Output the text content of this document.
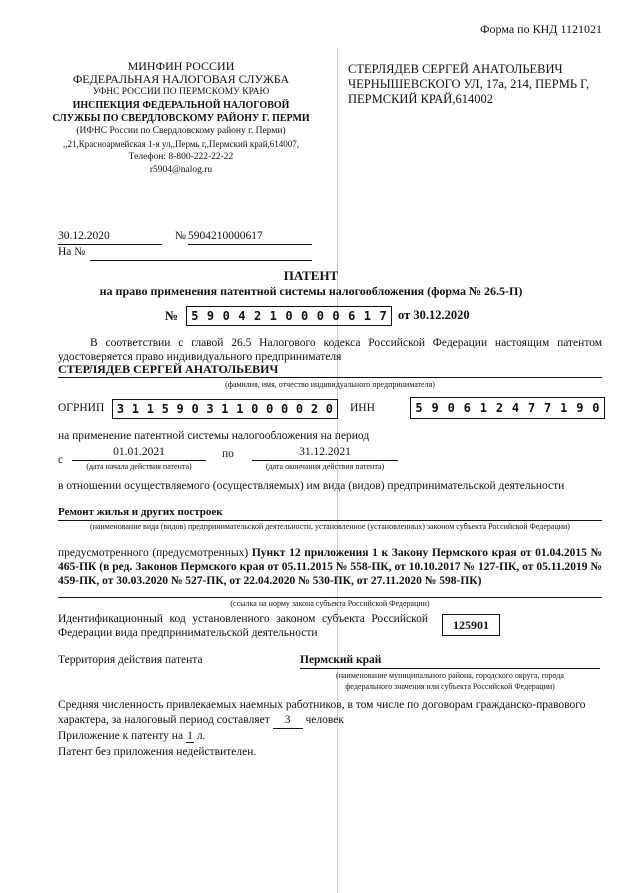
Форма по КНД 1121021
МИНФИН РОССИИ
ФЕДЕРАЛЬНАЯ НАЛОГОВАЯ СЛУЖБА
УФНС РОССИИ ПО ПЕРМСКОМУ КРАЮ
ИНСПЕКЦИЯ ФЕДЕРАЛЬНОЙ НАЛОГОВОЙ
СЛУЖБЫ ПО СВЕРДЛОВСКОМУ РАЙОНУ Г. ПЕРМИ
(ИФНС России по Свердловскому району г. Перми)
,,21,Красноармейская 1-я ул,,Пермь г,,Пермский край,614007,
Телефон: 8-800-222-22-22
r5904@nalog.ru
СТЕРЛЯДЕВ СЕРГЕЙ АНАТОЛЬЕВИЧ
ЧЕРНЫШЕВСКОГО УЛ, 17а, 214, ПЕРМЬ Г,
ПЕРМСКИЙ КРАЙ,614002
30.12.2020	№ 5904210000617
На №
ПАТЕНТ
на право применения патентной системы налогообложения (форма № 26.5-П)
№ 5 9 0 4 2 1 0 0 0 0 6 1 7 от 30.12.2020
В соответствии с главой 26.5 Налогового кодекса Российской Федерации настоящим патентом удостоверяется право индивидуального предпринимателя
СТЕРЛЯДЕВ СЕРГЕЙ АНАТОЛЬЕВИЧ
(фамилия, имя, отчество индивидуального предпринимателя)
ОГРНИП 3 1 1 5 9 0 3 1 1 0 0 0 0 2 0 ИНН	5 9 0 6 1 2 4 7 7 1 9 0
на применение патентной системы налогообложения на период
с
01.01.2021
(дата начала действия патента)
по	31.12.2021
(дата окончания действия патента)
в отношении осуществляемого (осуществляемых) им вида (видов) предпринимательской деятельности
Ремонт жилья и других построек
(наименование вида (видов) предпринимательской деятельности, установленное (установленных) законом субъекта Российской Федерации)
предусмотренного (предусмотренных) Пункт 12 приложения 1 к Закону Пермского края от 01.04.2015 № 465-ПК (в ред. Законов Пермского края от 05.11.2015 № 558-ПК, от 10.10.2017 № 127-ПК, от 05.11.2019 № 459-ПК, от 30.03.2020 № 527-ПК, от 22.04.2020 № 530-ПК, от 27.11.2020 № 598-ПК)
(ссылка на норму закона субъекта Российской Федерации)
Идентификационный код установленного законом субъекта Российской Федерации вида предпринимательской деятельности
125901
Территория действия патента	Пермский край
(наименование муниципального района, городского округа, города
федерального значения или субъекта Российской Федерации)
Средняя численность привлекаемых наемных работников, в том числе по договорам гражданско-правового характера, за налоговый период составляет 3 человек
Приложение к патенту на 1 л.
Патент без приложения недействителен.
